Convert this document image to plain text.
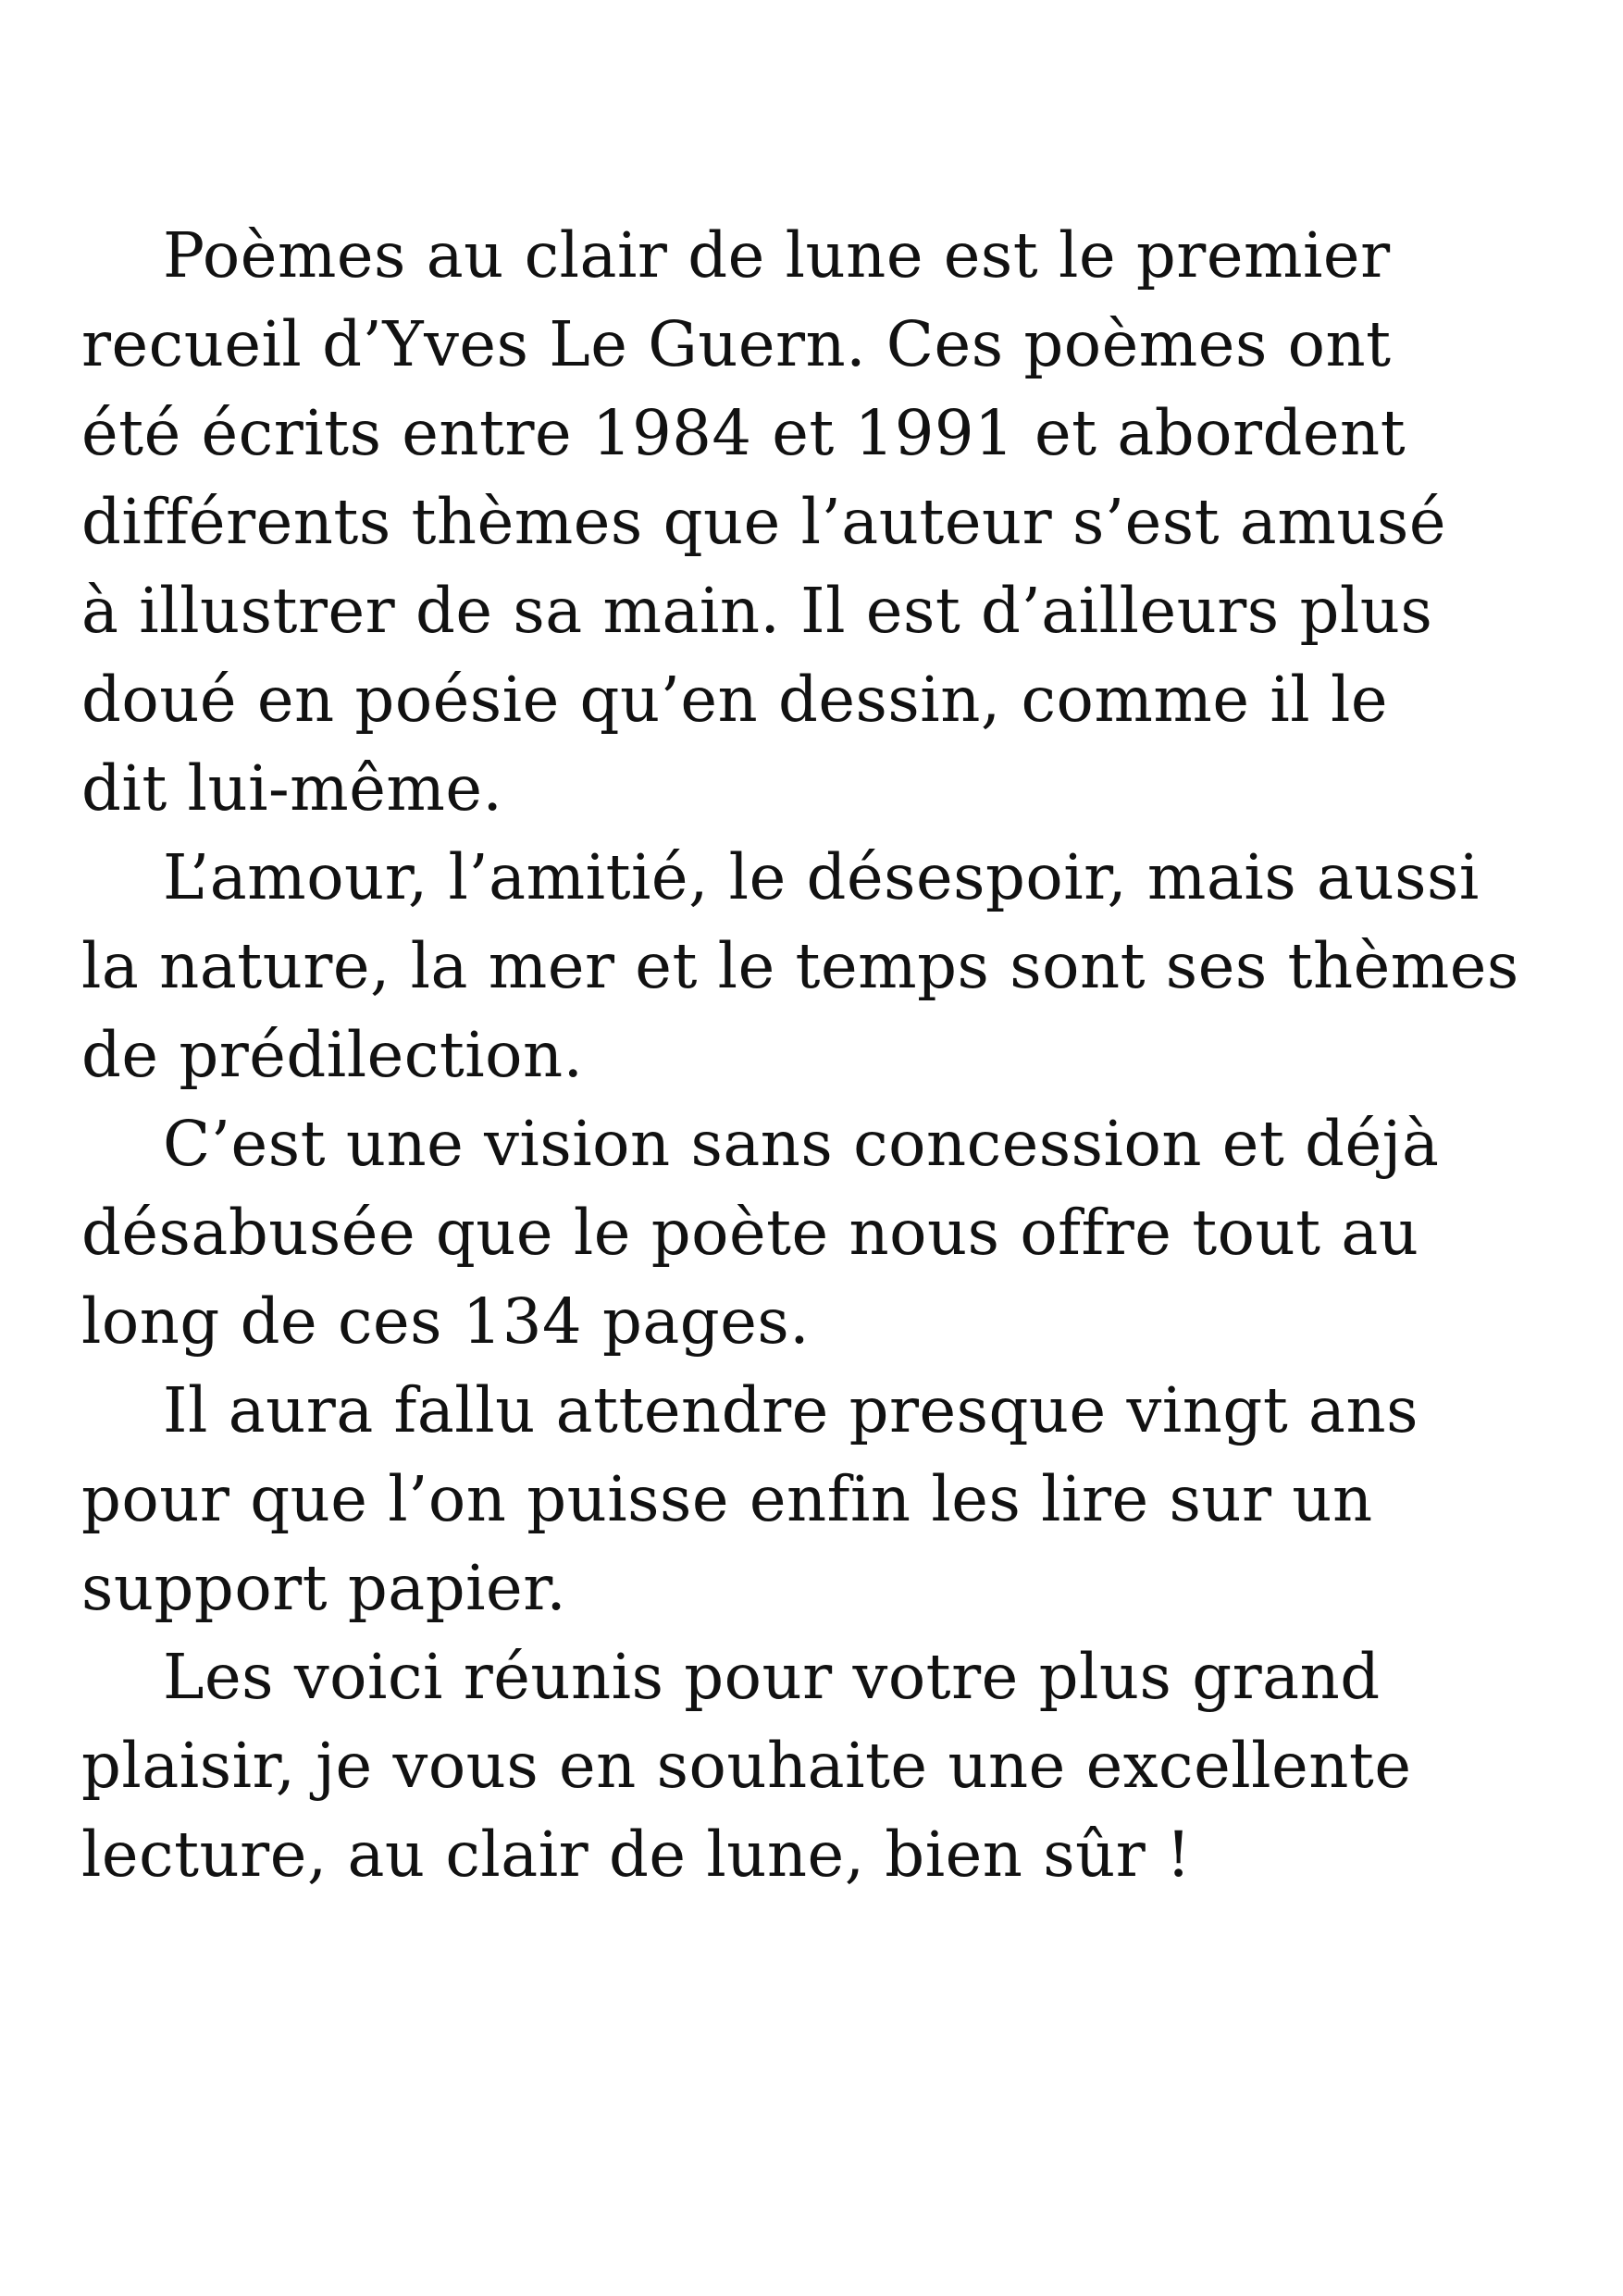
Poèmes au clair de lune est le premier
recueil d’Yves Le Guern. Ces poèmes ont
été écrits entre 1984 et 1991 et abordent
différents thèmes que l’auteur s’est amusé
à illustrer de sa main. Il est d’ailleurs plus
doué en poésie qu’en dessin, comme il le
dit lui-même.

L’amour, l’amitié, le désespoir, mais aussi
la nature, la mer et le temps sont ses thèmes
de prédilection.

C’est une vision sans concession et déjà
désabusée que le poète nous offre tout au
long de ces 134 pages.

Il aura fallu attendre presque vingt ans
pour que l’on puisse enfin les lire sur un
support papier.

Les voici réunis pour votre plus grand
plaisir, je vous en souhaite une excellente
lecture, au clair de lune, bien sûr !
